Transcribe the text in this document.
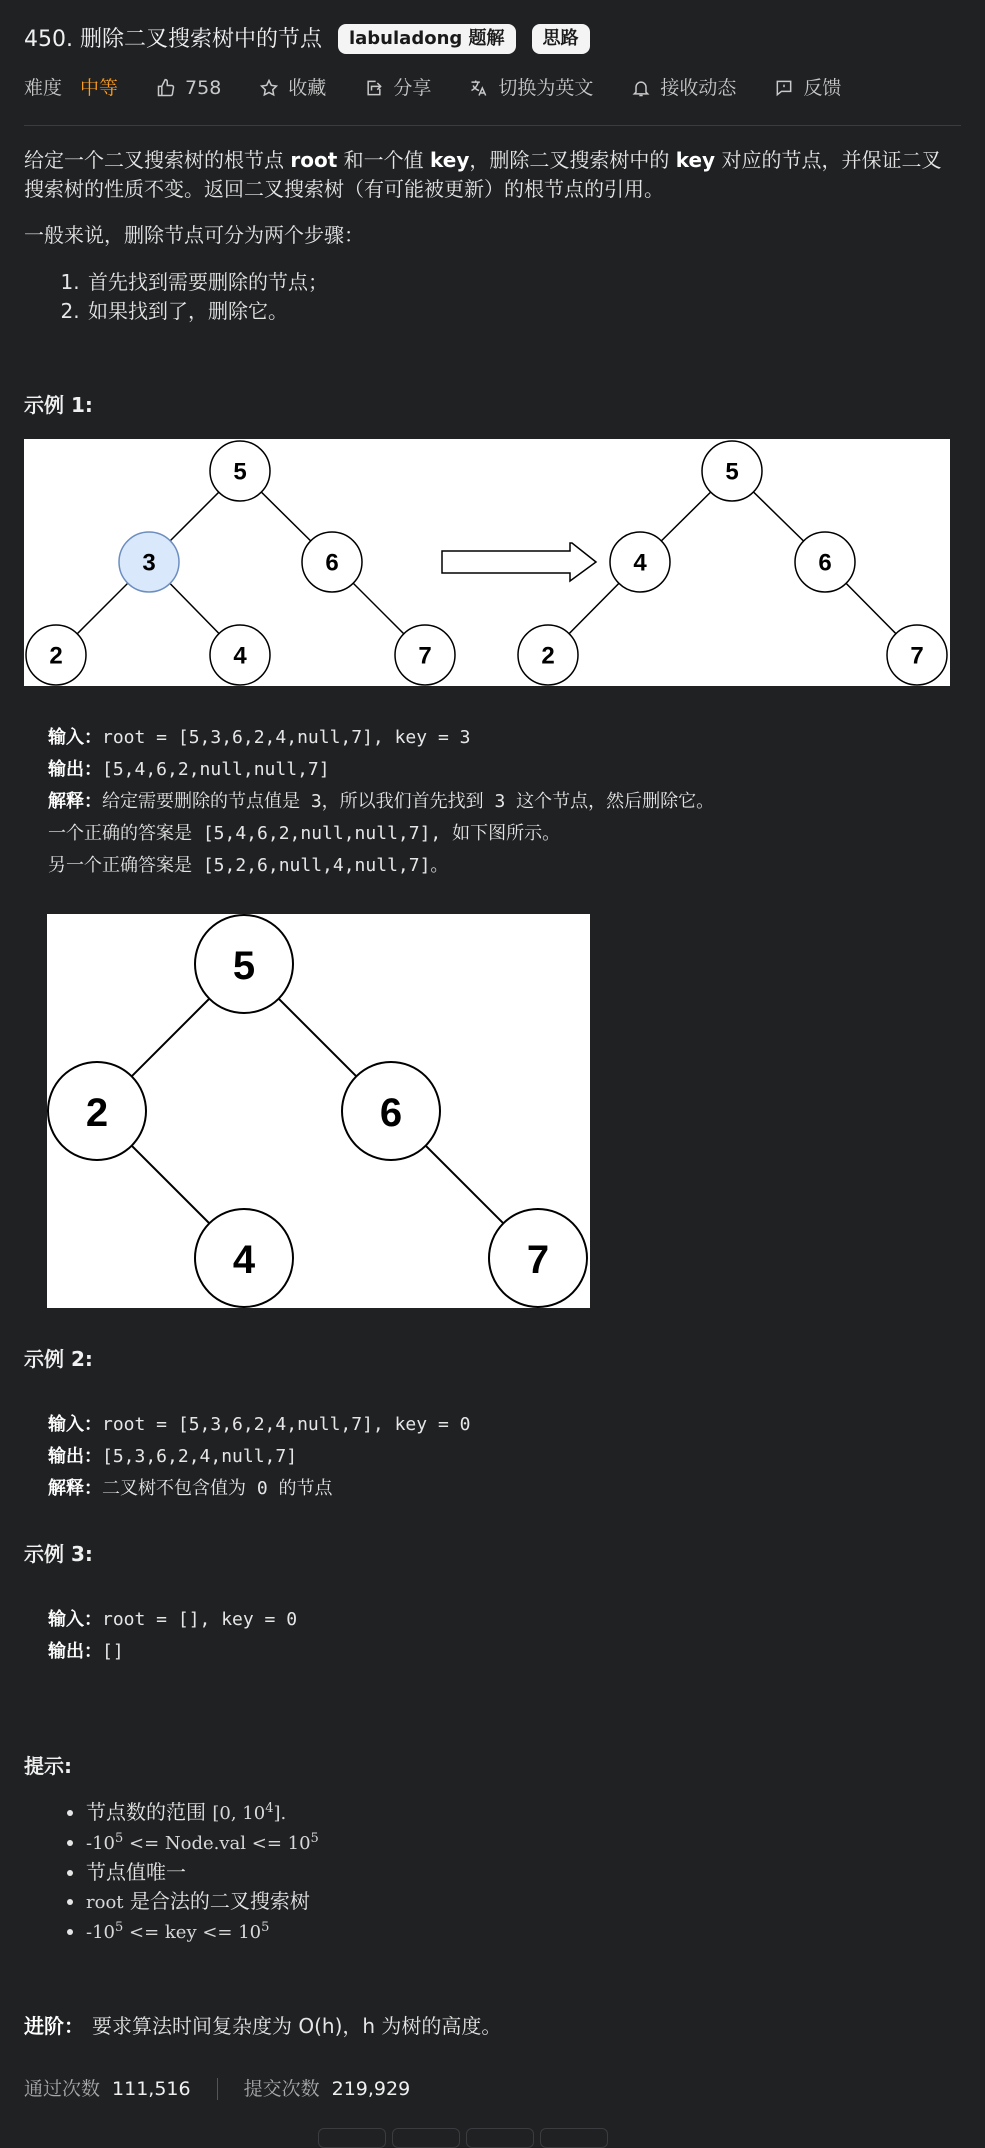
450. 删除二叉搜索树中的节点	labuladong 题解	思路
难度 中等	758	收藏	分享	切换为英文	接收动态	反馈
给定一个二叉搜索树的根节点 root 和一个值 key，删除二叉搜索树中的 key 对应的节点，并保证二叉搜索树的性质不变。返回二叉搜索树（有可能被更新）的根节点的引用。
一般来说，删除节点可分为两个步骤：
1. 首先找到需要删除的节点；
2. 如果找到了，删除它。
示例 1:
5
3	6
2	4	7
5
4	6
2	7
输入：root = [5,3,6,2,4,null,7], key = 3
输出：[5,4,6,2,null,null,7]
解释：给定需要删除的节点值是 3，所以我们首先找到 3 这个节点，然后删除它。
一个正确的答案是 [5,4,6,2,null,null,7], 如下图所示。
另一个正确答案是 [5,2,6,null,4,null,7]。
5
2	6
4	7
示例 2:
输入：root = [5,3,6,2,4,null,7], key = 0
输出：[5,3,6,2,4,null,7]
解释：二叉树不包含值为 0 的节点
示例 3:
输入：root = [], key = 0
输出：[]
提示:
• 节点数的范围 [0, $10^4$].
• $-10^5$ <= Node.val <= $10^5$
• 节点值唯一
• root 是合法的二叉搜索树
• $-10^5$ <= key <= $10^5$
进阶： 要求算法时间复杂度为 O(h)，h 为树的高度。
通过次数 111,516	提交次数 219,929
